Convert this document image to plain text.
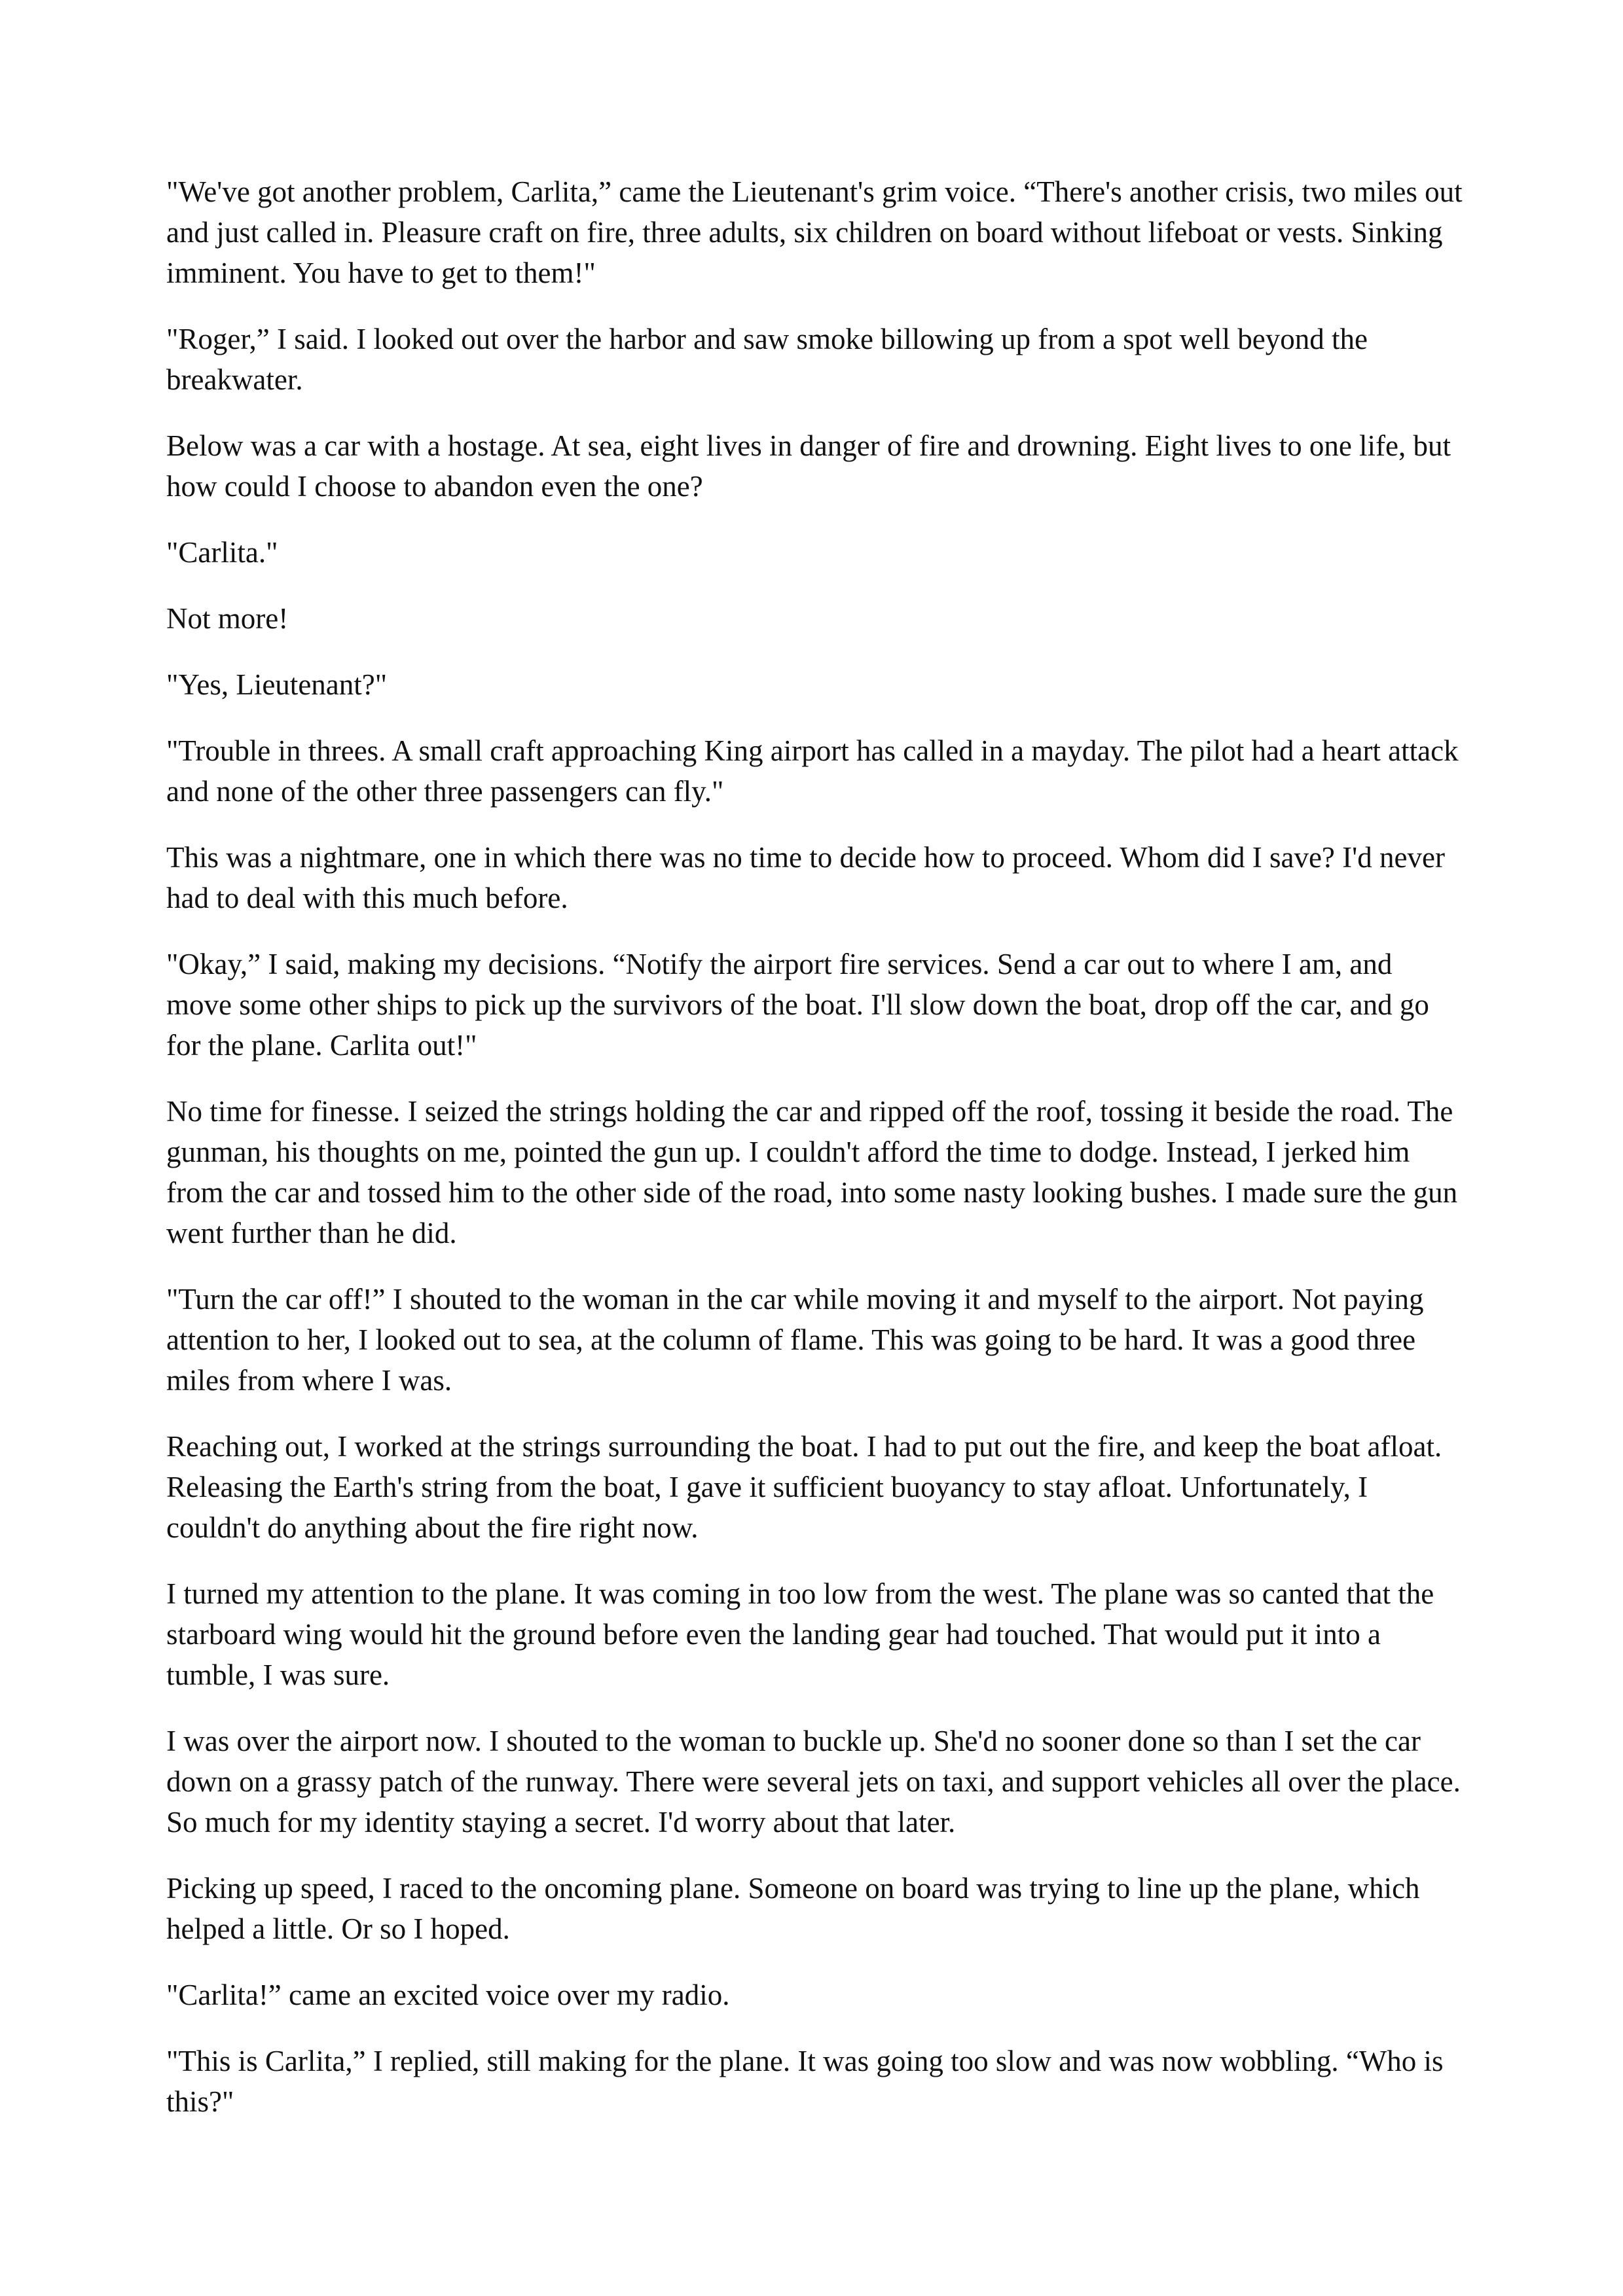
"We've got another problem, Carlita,” came the Lieutenant's grim voice. “There's another crisis, two miles out and just called in. Pleasure craft on fire, three adults, six children on board without lifeboat or vests. Sinking imminent. You have to get to them!"

"Roger,” I said. I looked out over the harbor and saw smoke billowing up from a spot well beyond the breakwater.

Below was a car with a hostage. At sea, eight lives in danger of fire and drowning. Eight lives to one life, but how could I choose to abandon even the one?

"Carlita."

Not more!

"Yes, Lieutenant?"

"Trouble in threes. A small craft approaching King airport has called in a mayday. The pilot had a heart attack and none of the other three passengers can fly."

This was a nightmare, one in which there was no time to decide how to proceed. Whom did I save? I'd never had to deal with this much before.

"Okay,” I said, making my decisions. “Notify the airport fire services. Send a car out to where I am, and move some other ships to pick up the survivors of the boat. I'll slow down the boat, drop off the car, and go for the plane. Carlita out!"

No time for finesse. I seized the strings holding the car and ripped off the roof, tossing it beside the road. The gunman, his thoughts on me, pointed the gun up. I couldn't afford the time to dodge. Instead, I jerked him from the car and tossed him to the other side of the road, into some nasty looking bushes. I made sure the gun went further than he did.

"Turn the car off!” I shouted to the woman in the car while moving it and myself to the airport. Not paying attention to her, I looked out to sea, at the column of flame. This was going to be hard. It was a good three miles from where I was.

Reaching out, I worked at the strings surrounding the boat. I had to put out the fire, and keep the boat afloat. Releasing the Earth's string from the boat, I gave it sufficient buoyancy to stay afloat. Unfortunately, I couldn't do anything about the fire right now.

I turned my attention to the plane. It was coming in too low from the west. The plane was so canted that the starboard wing would hit the ground before even the landing gear had touched. That would put it into a tumble, I was sure.

I was over the airport now. I shouted to the woman to buckle up. She'd no sooner done so than I set the car down on a grassy patch of the runway. There were several jets on taxi, and support vehicles all over the place. So much for my identity staying a secret. I'd worry about that later.

Picking up speed, I raced to the oncoming plane. Someone on board was trying to line up the plane, which helped a little. Or so I hoped.

"Carlita!” came an excited voice over my radio.

"This is Carlita,” I replied, still making for the plane. It was going too slow and was now wobbling. “Who is this?"
